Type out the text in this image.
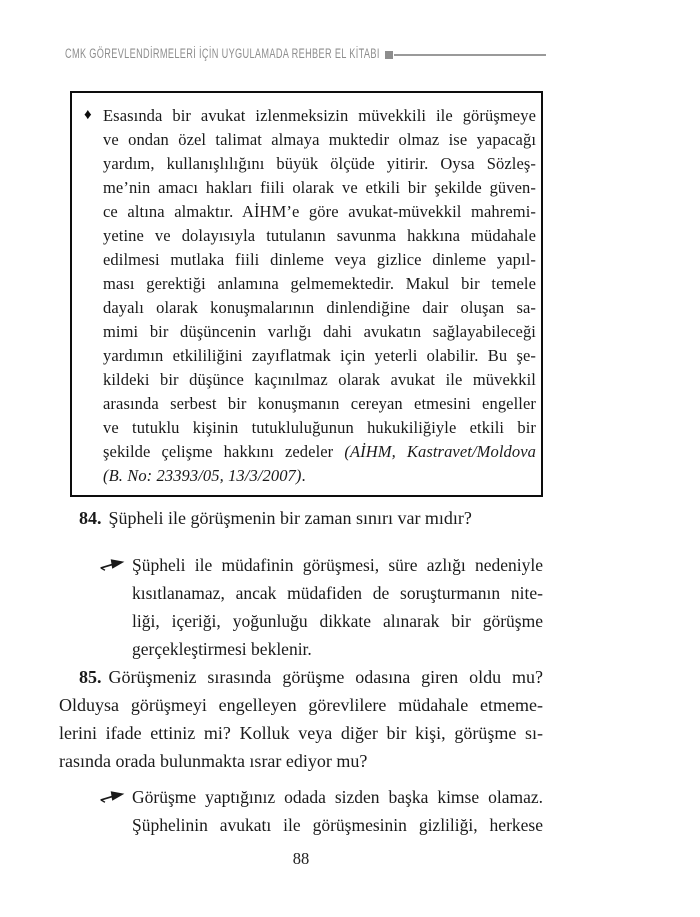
CMK GÖREVLENDİRMELERİ İÇİN UYGULAMADA REHBER EL KİTABI
♦ Esasında bir avukat izlenmeksizin müvekkili ile görüşmeye
ve ondan özel talimat almaya muktedir olmaz ise yapacağı
yardım, kullanışlılığını büyük ölçüde yitirir. Oysa Sözleş-
me’nin amacı hakları fiili olarak ve etkili bir şekilde güven-
ce altına almaktır. AİHM’e göre avukat-müvekkil mahremi-
yetine ve dolayısıyla tutulanın savunma hakkına müdahale
edilmesi mutlaka fiili dinleme veya gizlice dinleme yapıl-
ması gerektiği anlamına gelmemektedir. Makul bir temele
dayalı olarak konuşmalarının dinlendiğine dair oluşan sa-
mimi bir düşüncenin varlığı dahi avukatın sağlayabileceği
yardımın etkililiğini zayıflatmak için yeterli olabilir. Bu şe-
kildeki bir düşünce kaçınılmaz olarak avukat ile müvekkil
arasında serbest bir konuşmanın cereyan etmesini engeller
ve tutuklu kişinin tutukluluğunun hukukiliğiyle etkili bir
şekilde çelişme hakkını zedeler (AİHM, Kastravet/Moldova
(B. No: 23393/05, 13/3/2007).
84. Şüpheli ile görüşmenin bir zaman sınırı var mıdır?
Şüpheli ile müdafinin görüşmesi, süre azlığı nedeniyle
kısıtlanamaz, ancak müdafiden de soruşturmanın nite-
liği, içeriği, yoğunluğu dikkate alınarak bir görüşme
gerçekleştirmesi beklenir.
85. Görüşmeniz sırasında görüşme odasına giren oldu mu?
Olduysa görüşmeyi engelleyen görevlilere müdahale etmeme-
lerini ifade ettiniz mi? Kolluk veya diğer bir kişi, görüşme sı-
rasında orada bulunmakta ısrar ediyor mu?
Görüşme yaptığınız odada sizden başka kimse olamaz.
Şüphelinin avukatı ile görüşmesinin gizliliği, herkese
88
